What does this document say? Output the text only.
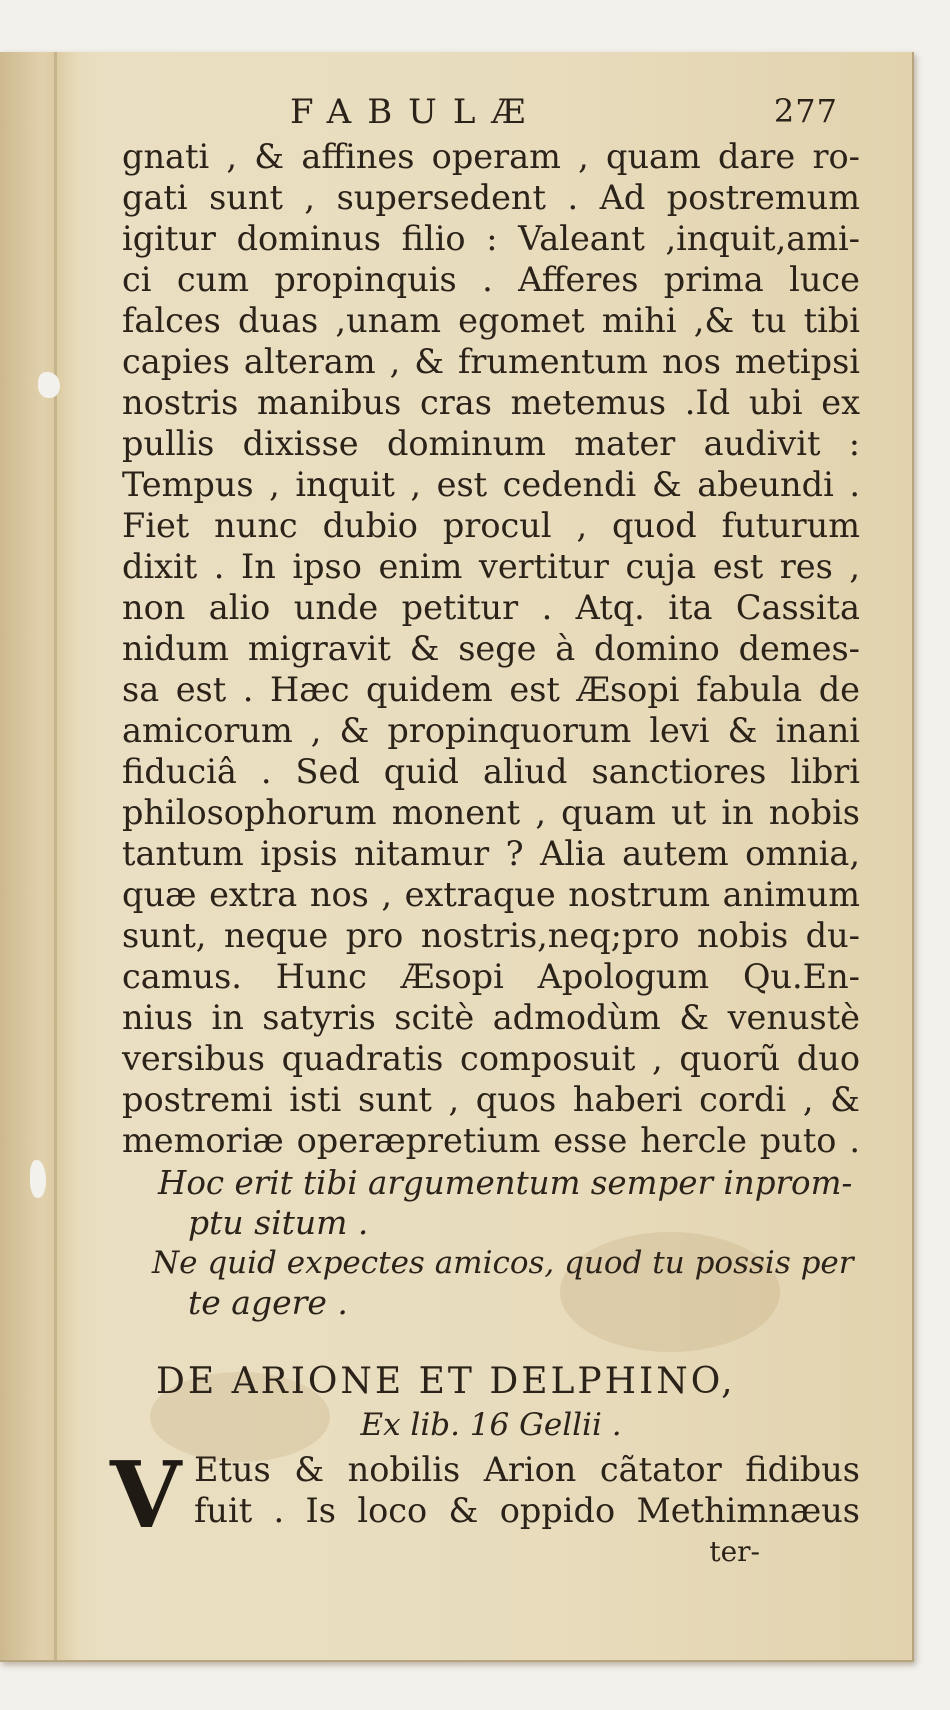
FABULÆ	277
gnati , & affines operam , quam dare ro-
gati sunt , supersedent . Ad postremum
igitur dominus filio : Valeant ,inquit,ami-
ci cum propinquis . Afferes prima luce
falces duas ,unam egomet mihi ,& tu tibi
capies alteram , & frumentum nos metipsi
nostris manibus cras metemus .Id ubi ex
pullis dixisse dominum mater audivit :
Tempus , inquit , est cedendi & abeundi .
Fiet nunc dubio procul , quod futurum
dixit . In ipso enim vertitur cuja est res ,
non alio unde petitur . Atq. ita Cassita
nidum migravit & sege à domino demes-
sa est . Hæc quidem est Æsopi fabula de
amicorum , & propinquorum levi & inani
fiduciâ . Sed quid aliud sanctiores libri
philosophorum monent , quam ut in nobis
tantum ipsis nitamur ? Alia autem omnia,
quæ extra nos , extraque nostrum animum
sunt, neque pro nostris,neq;pro nobis du-
camus. Hunc Æsopi Apologum Qu.En-
nius in satyris scitè admodùm & venustè
versibus quadratis composuit , quorũ duo
postremi isti sunt , quos haberi cordi , &
memoriæ operæpretium esse hercle puto .
Hoc erit tibi argumentum semper inprom-
ptu situm .
Ne quid expectes amicos, quod tu possis per
te agere .
DE ARIONE ET DELPHINO,
Ex lib. 16 Gellii .
V Etus & nobilis Arion cãtator fidibus
fuit . Is loco & oppido Methimnæus
ter-
